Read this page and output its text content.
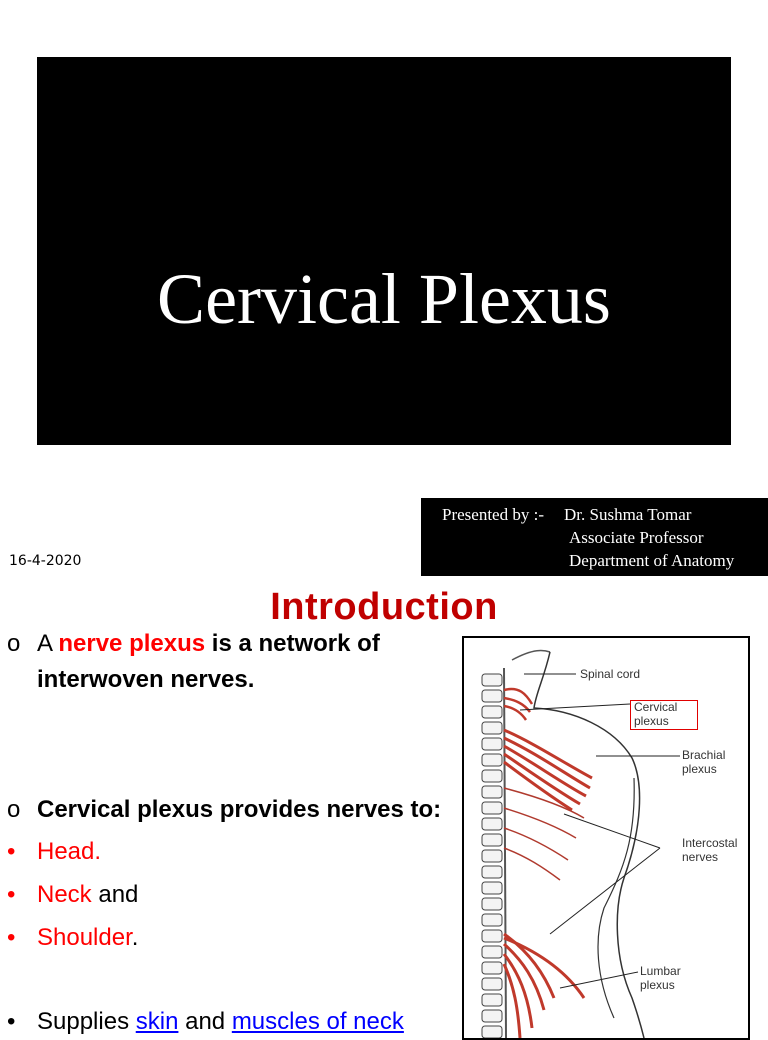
Cervical Plexus
16-4-2020
Presented by :- Dr. Sushma Tomar
Associate Professor
Department of Anatomy
Introduction
o A nerve plexus is a network of
interwoven nerves.
o Cervical plexus provides nerves to:
• Head.
• Neck and
• Shoulder.
• Supplies skin and muscles of neck
Spinal cord
Cervical
plexus
Brachial
plexus
Intercostal
nerves
Lumbar
plexus
